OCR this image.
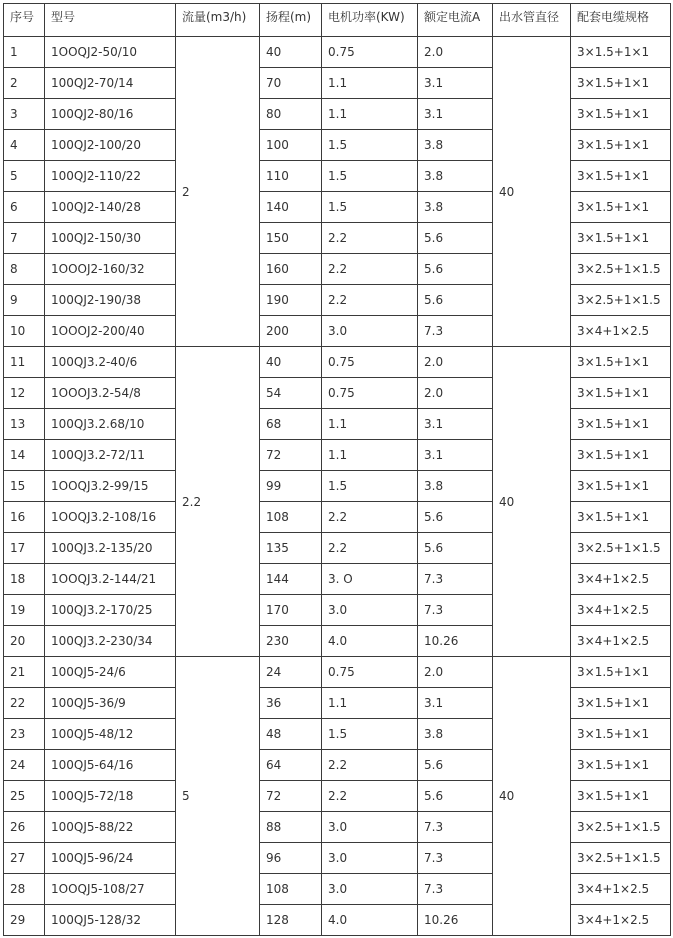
序号	型号	流量(m3/h)	扬程(m)	电机功率(KW)	额定电流A	出水管直径	配套电缆规格
1	1OOQJ2-50/10	2	40	0.75	2.0	40	3×1.5+1×1
2	100QJ2-70/14		70	1.1	3.1		3×1.5+1×1
3	100QJ2-80/16		80	1.1	3.1		3×1.5+1×1
4	100QJ2-100/20		100	1.5	3.8		3×1.5+1×1
5	100QJ2-110/22		110	1.5	3.8		3×1.5+1×1
6	100QJ2-140/28		140	1.5	3.8		3×1.5+1×1
7	100QJ2-150/30		150	2.2	5.6		3×1.5+1×1
8	1OOOJ2-160/32		160	2.2	5.6		3×2.5+1×1.5
9	100QJ2-190/38		190	2.2	5.6		3×2.5+1×1.5
10	1OOOJ2-200/40		200	3.0	7.3		3×4+1×2.5
11	100QJ3.2-40/6	2.2	40	0.75	2.0	40	3×1.5+1×1
12	1OOOJ3.2-54/8		54	0.75	2.0		3×1.5+1×1
13	100QJ3.2.68/10		68	1.1	3.1		3×1.5+1×1
14	100QJ3.2-72/11		72	1.1	3.1		3×1.5+1×1
15	1OOQJ3.2-99/15		99	1.5	3.8		3×1.5+1×1
16	1OOQJ3.2-108/16		108	2.2	5.6		3×1.5+1×1
17	100QJ3.2-135/20		135	2.2	5.6		3×2.5+1×1.5
18	1OOQJ3.2-144/21		144	3. O	7.3		3×4+1×2.5
19	100QJ3.2-170/25		170	3.0	7.3		3×4+1×2.5
20	100QJ3.2-230/34		230	4.0	10.26		3×4+1×2.5
21	100QJ5-24/6	5	24	0.75	2.0	40	3×1.5+1×1
22	100QJ5-36/9		36	1.1	3.1		3×1.5+1×1
23	100QJ5-48/12		48	1.5	3.8		3×1.5+1×1
24	100QJ5-64/16		64	2.2	5.6		3×1.5+1×1
25	100QJ5-72/18		72	2.2	5.6		3×1.5+1×1
26	100QJ5-88/22		88	3.0	7.3		3×2.5+1×1.5
27	100QJ5-96/24		96	3.0	7.3		3×2.5+1×1.5
28	1OOQJ5-108/27		108	3.0	7.3		3×4+1×2.5
29	100QJ5-128/32		128	4.0	10.26		3×4+1×2.5
